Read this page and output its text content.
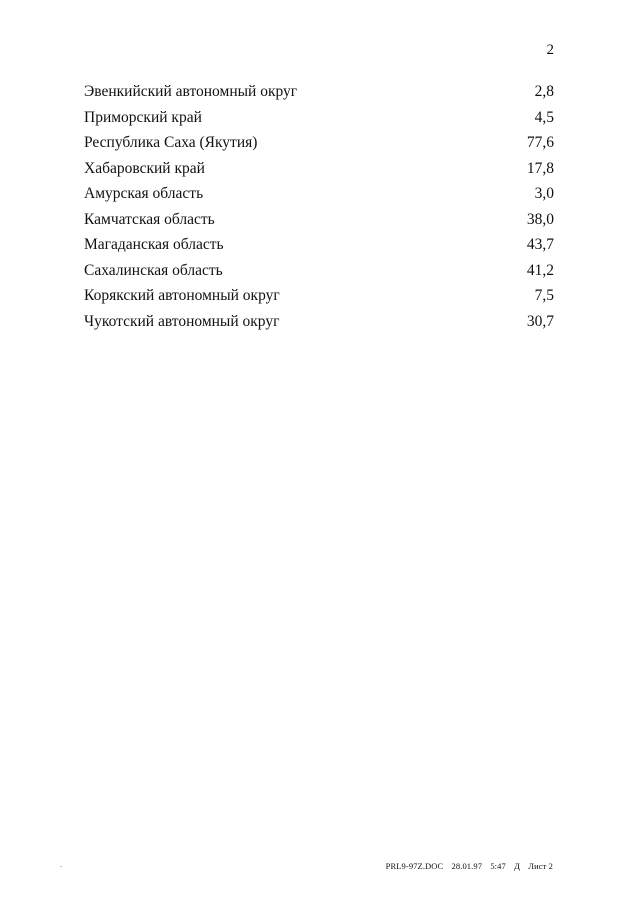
2
Эвенкийский автономный округ	2,8
Приморский край	4,5
Республика Саха (Якутия)	77,6
Хабаровский край	17,8
Амурская область	3,0
Камчатская область	38,0
Магаданская область	43,7
Сахалинская область	41,2
Корякский автономный округ	7,5
Чукотский автономный округ	30,7
PRL9-97Z.DOC 28.01.97 5:47 Д Лист 2
